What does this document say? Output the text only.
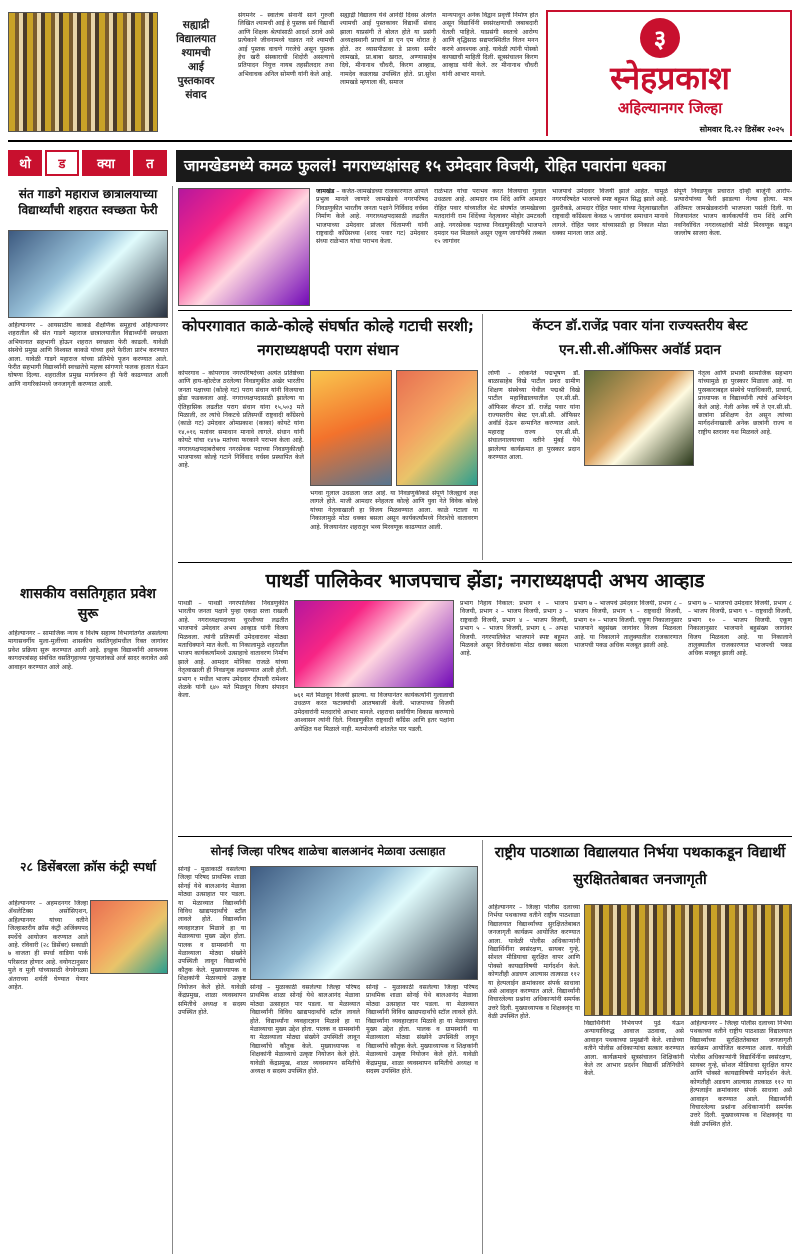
सह्याद्री
विद्यालयात
श्यामची
आई
पुस्तकावर
संवाद
संगमनेर – स्वातंत्र्य सेनानी साने गुरुजी लिखित श्यामची आई हे पुस्तक सर्व विद्यार्थी आणि शिक्षक श्रेत्यांसाठी आदर्श ठरावे असे प्रत्येकाने जीवनामध्ये घडवत नारे श्यामची आई पुस्तक वाचणे गरजेचे असून पुस्तक हेच खरी संस्काराची शिदोरी असल्याचे प्रतिपादन नियुत्त नायब तहसीलदार तथा अभिवाचक अनिल सोमणी यांनी केले आहे.
सह्याद्री विद्यालय येथे आनंदी दिवस अंतर्गत श्यामची आई पुस्तकावर विद्यार्थी संवाद झाला याप्रसंगी ते बोलत होते या प्रसंगी अध्यक्षस्थानी प्राचार्य डा एन एम थोरात हे होते. तर व्यासपीठावर डे प्राध्या समीर लामखडे, प्रा.बाबा खरात, अण्णासाहेब दिघे, मीनानाथ चौधरी, किरण आव्हाड, नामदेव कडलाख उपस्थित होते. प्रा.सुरेश लामखडे म्हणाला की, समाज
मान्यपाधून अनेक विद्वान प्रवृत्ती निर्माण होत असून विद्यार्थिनी स्वसंरक्षणाची जबाबदारी घेतली पाहिजे. याप्रसंगी स्वतःचे आरोग्य आणि वृद्धिसाठ सद्यपरस्थितीत वितन मनन करणे आवश्यक आहे. यावेळी त्यांनी पोस्को कायद्याची माहिती दिली. सूत्रसंचालन किरण आव्हाड यांनी केले. तर मीनानाथ चौधरी यांनी आभार मानले.
३
स्नेहप्रकाश
अहिल्यानगर जिल्हा
सोमवार दि.२२ डिसेंबर २०२५
थो ड क्या त	जामखेडमध्ये कमळ फुललं! नगराध्यक्षांसह १५ उमेदवार विजयी, रोहित पवारांना धक्का
संत गाडगे महाराज छात्रालयाच्या विद्यार्थ्यांची शहरात स्वच्छता फेरी
अहिल्यानगर – आयसाठीय काकडे शैक्षणिक समूहाचे अहिल्यानगर शहरातील श्री संत गाडगे महाराज छात्रालयातील विद्यार्थ्यांनी स्वच्छता अभियानात सहभागी होऊन शहरात स्वच्छता फेरी काढली. यावेळी संस्थेचे प्रमुख आणि विश्वस्त काकडे यांच्या हस्ते फेरीला प्रारंभ करण्यात आला. यावेळी गाडगे महाराज यांच्या प्रतिमेचे पूजन करण्यात आले. फेरीत सहभागी विद्यार्थ्यांनी स्वच्छतेचे महत्त्व सांगणारे फलक हातात घेऊन घोषणा दिल्या. शहरातील प्रमुख मार्गावरून ही फेरी काढण्यात आली आणि नागरिकांमध्ये जनजागृती करण्यात आली.
शासकीय वसतिगृहात प्रवेश सुरू
अहिल्यानगर – सामाजिक न्याय व विशेष सहाय्य विभागांतर्गत असलेल्या मागासवर्गीय मुला-मुलींच्या शासकीय वसतिगृहांमधील रिक्त जागांवर प्रवेश प्रक्रिया सुरू करण्यात आली आहे. इच्छुक विद्यार्थ्यांनी आवश्यक कागदपत्रांसह संबंधित वसतिगृहाच्या गृहपालांकडे अर्ज सादर करावेत असे आवाहन करण्यात आले आहे.
२८ डिसेंबरला क्रॉस कंट्री स्पर्धा
अहिल्यानगर – अहमदनगर जिल्हा ॲथलेटिक्स असोसिएशन, अहिल्यानगर यांच्या वतीने जिल्हास्तरीय क्रॉस कंट्री अजिंक्यपद स्पर्धेचे आयोजन करण्यात आले आहे. रविवारी (२८ डिसेंबर) सकाळी ७ वाजता ही स्पर्धा वाडिया पार्क परिसरात होणार आहे. वयोगटानुसार मुले व मुली यांच्यासाठी वेगवेगळ्या अंतराच्या शर्यती घेण्यात येणार आहेत.
जामखेड – कर्जत-जामखेडच्या राजकारणात आपले प्रभुत्व मानले जाणारे जामखेडचे नगरपरिषद निवडणुकीत भारतीय जनता पक्षाने निर्विवाद वर्चस्व निर्माण केले आहे. नगराध्यक्षपदासाठी लढतीत भाजपाच्या उमेदवार प्रांजल चिंतामणी यांनी राष्ट्रवादी काँग्रेसच्या (शरद पवार गट) उमेदवार संध्या राळेभात यांचा पराभव केला.
राळेभात यांचा पराभव करत विजयाचा गुलाल उधळला आहे. आमदार राम शिंदे आणि आमदार रोहित पवार यांच्यातील थेट संघर्षात जामखेडच्या मतदारांनी राम शिंदेंच्या नेतृत्वावर मोहोर उमटवली आहे. नगरसेवक पदाच्या निवडणुकीतही भाजपाने दमदार यश मिळवले असून एकूण जागांपैकी तब्बल १५ जागांवर
भाजपाचे उमेदवार विजयी झाले आहेत. यामुळे नगरपरिषदेत भाजपचे स्पष्ट बहुमत सिद्ध झाले आहे. दुसरीकडे, आमदार रोहित पवार यांच्या नेतृत्वाखालील राष्ट्रवादी काँग्रेसला केवळ ५ जागांवर समाधान मानावे लागले. रोहित पवार यांच्यासाठी हा निकाल मोठा धक्का मानला जात आहे.
संपूर्ण निवडणूक प्रचारात दोन्ही बाजूंनी आरोप-प्रत्यारोपांच्या फैरी झाडल्या गेल्या होत्या. मात्र अंतिमतः जामखेडकरांनी भाजपला पसंती दिली. या विजयानंतर भाजप कार्यकर्त्यांनी राम शिंदे आणि नवनिर्वाचित नगराध्यक्षांची मोठी मिरवणूक काढून जल्लोष साजरा केला.
कोपरगावात काळे-कोल्हे संघर्षात कोल्हे गटाची सरशी; नगराध्यक्षपदी पराग संधान
कोपरगाव – कोपरगाव नगरपरिषदेच्या अत्यंत प्रतिष्ठेच्या आणि हाय-व्होल्टेज ठरलेल्या निवडणुकीत अखेर भारतीय जनता पक्षाच्या (कोल्हे गट) पराग संधान यांनी विजयाचा झेंडा फडकवला आहे. नगराध्यक्षपदासाठी झालेल्या या ऐतिहासिक लढतीत पराग संधान यांना १५,५०३ मते मिळाली, तर त्यांचे निकटचे प्रतिस्पर्धी राष्ट्रवादी काँग्रेसचे (काळे गट) उमेदवार ओमप्रकाश (काका) कोयटे यांना १४,०१६ मतांवर समाधान मानावे लागले. संधान यांनी कोयटे यांचा १४९७ मतांच्या फरकाने पराभव केला आहे. नगराध्यक्षपदाबरोबरच नगरसेवक पदाच्या निवडणुकीतही भाजपाच्या कोल्हे गटाने निर्विवाद वर्चस्व प्रस्थापित केले आहे.
भगवा गुलाल उधळला जात आहे. या निवडणुकीकडे संपूर्ण जिल्ह्याचे लक्ष लागले होते. माजी आमदार स्नेहलता कोल्हे आणि युवा नेते विवेक कोल्हे यांच्या नेतृत्वाखाली हा विजय मिळवण्यात आला. काळे गटाला या निकालामुळे मोठा धक्का बसला असून कार्यकर्त्यांमध्ये निराशेचे वातावरण आहे. विजयानंतर शहरातून भव्य मिरवणूक काढण्यात आली.
कॅप्टन डॉ.राजेंद्र पवार यांना राज्यस्तरीय बेस्ट एन.सी.सी.ऑफिसर अवॉर्ड प्रदान
लोणी – लोकनेते पद्मभूषण डॉ. बाळासाहेब विखे पाटील प्रवरा ग्रामीण शिक्षण संस्थेच्या येथील पद्मश्री विखे पाटील महाविद्यालयातील एन.सी.सी. ऑफिसर कॅप्टन डॉ. राजेंद्र पवार यांना राज्यस्तरीय बेस्ट एन.सी.सी. ऑफिसर अवॉर्ड देऊन सन्मानित करण्यात आले. महाराष्ट्र राज्य एन.सी.सी. संचालनालयाच्या वतीने मुंबई येथे झालेल्या कार्यक्रमात हा पुरस्कार प्रदान करण्यात आला.
नेतृत्व आणि प्रभावी सामाजिक सहभाग यांच्यामुळे हा पुरस्कार मिळाला आहे. या पुरस्काराबद्दल संस्थेचे पदाधिकारी, प्राचार्य, प्राध्यापक व विद्यार्थ्यांनी त्यांचे अभिनंदन केले आहे. गेली अनेक वर्षे ते एन.सी.सी. छात्रांना प्रशिक्षण देत असून त्यांच्या मार्गदर्शनाखाली अनेक छात्रांनी राज्य व राष्ट्रीय स्तरावर यश मिळवले आहे.
पाथर्डी पालिकेवर भाजपचाच झेंडा; नगराध्यक्षपदी अभय आव्हाड
पाथर्डी – पाथर्डी नगरपालिका निवडणुकीत भारतीय जनता पक्षाने पुन्हा एकदा सत्ता राखली आहे. नगराध्यक्षपदाच्या चुरशीच्या लढतीत भाजपाचे उमेदवार अभय आव्हाड यांनी विजय मिळवला. त्यांनी प्रतिस्पर्धी उमेदवारावर मोठ्या मताधिक्याने मात केली. या निकालामुळे शहरातील भाजप कार्यकर्त्यांमध्ये उत्साहाचे वातावरण निर्माण झाले आहे. आमदार मोनिका राजळे यांच्या नेतृत्वाखाली ही निवडणूक लढवण्यात आली होती. प्रभाग १ मधील भाजप उमेदवार दीपाली रामेश्वर शेळके यांनी ६४० मते मिळवून विजय संपादन केला.	७६१ मते मिळवून विजयी झाल्या. या विजयानंतर कार्यकर्त्यांनी गुलालाची उधळण करत फटाक्यांची आतषबाजी केली. भाजपाच्या विजयी उमेदवारांनी मतदारांचे आभार मानले. शहराचा सर्वांगीण विकास करण्याचे आश्वासन त्यांनी दिले. निवडणुकीत राष्ट्रवादी काँग्रेस आणि इतर पक्षांना अपेक्षित यश मिळाले नाही. मतमोजणी शांततेत पार पडली.
प्रभाग निहाय निकाल: प्रभाग १ – भाजप विजयी, प्रभाग २ – भाजप विजयी, प्रभाग ३ – राष्ट्रवादी विजयी, प्रभाग ४ – भाजप विजयी, प्रभाग ५ – भाजप विजयी, प्रभाग ६ – अपक्ष विजयी. नगरपालिकेत भाजपाने स्पष्ट बहुमत मिळवले असून विरोधकांना मोठा धक्का बसला आहे.
प्रभाग ७ – भाजपचे उमेदवार विजयी, प्रभाग ८ – भाजप विजयी, प्रभाग ९ – राष्ट्रवादी विजयी, प्रभाग १० – भाजप विजयी. एकूण निकालानुसार भाजपाने बहुसंख्य जागांवर विजय मिळवला आहे. या निकालाने तालुक्यातील राजकारणात भाजपची पकड अधिक मजबूत झाली आहे.
प्रभाग ७ – भाजपचे उमेदवार विजयी, प्रभाग ८ – भाजप विजयी, प्रभाग ९ – राष्ट्रवादी विजयी, प्रभाग १० – भाजप विजयी. एकूण निकालानुसार भाजपाने बहुसंख्य जागांवर विजय मिळवला आहे. या निकालाने तालुक्यातील राजकारणात भाजपची पकड अधिक मजबूत झाली आहे.
सोनई जिल्हा परिषद शाळेचा बालआनंद मेळावा उत्साहात
सोनई – मुळाकाठी वसलेल्या जिल्हा परिषद प्राथमिक शाळा सोनई येथे बालआनंद मेळावा मोठ्या उत्साहात पार पडला. या मेळाव्यात विद्यार्थ्यांनी विविध खाद्यपदार्थांचे स्टॉल लावले होते. विद्यार्थ्यांना व्यवहारज्ञान मिळावे हा या मेळाव्याचा मुख्य उद्देश होता. पालक व ग्रामस्थांनी या मेळाव्याला मोठ्या संख्येने उपस्थिती लावून विद्यार्थ्यांचे कौतुक केले. मुख्याध्यापक व शिक्षकांनी मेळाव्याचे उत्कृष्ट नियोजन केले होते. यावेळी केंद्रप्रमुख, शाळा व्यवस्थापन समितीचे अध्यक्ष व सदस्य उपस्थित होते.
सोनई – मुळाकाठी वसलेल्या जिल्हा परिषद प्राथमिक शाळा सोनई येथे बालआनंद मेळावा मोठ्या उत्साहात पार पडला. या मेळाव्यात विद्यार्थ्यांनी विविध खाद्यपदार्थांचे स्टॉल लावले होते. विद्यार्थ्यांना व्यवहारज्ञान मिळावे हा या मेळाव्याचा मुख्य उद्देश होता. पालक व ग्रामस्थांनी या मेळाव्याला मोठ्या संख्येने उपस्थिती लावून विद्यार्थ्यांचे कौतुक केले. मुख्याध्यापक व शिक्षकांनी मेळाव्याचे उत्कृष्ट नियोजन केले होते. यावेळी केंद्रप्रमुख, शाळा व्यवस्थापन समितीचे अध्यक्ष व सदस्य उपस्थित होते.
सोनई – मुळाकाठी वसलेल्या जिल्हा परिषद प्राथमिक शाळा सोनई येथे बालआनंद मेळावा मोठ्या उत्साहात पार पडला. या मेळाव्यात विद्यार्थ्यांनी विविध खाद्यपदार्थांचे स्टॉल लावले होते. विद्यार्थ्यांना व्यवहारज्ञान मिळावे हा या मेळाव्याचा मुख्य उद्देश होता. पालक व ग्रामस्थांनी या मेळाव्याला मोठ्या संख्येने उपस्थिती लावून विद्यार्थ्यांचे कौतुक केले. मुख्याध्यापक व शिक्षकांनी मेळाव्याचे उत्कृष्ट नियोजन केले होते. यावेळी केंद्रप्रमुख, शाळा व्यवस्थापन समितीचे अध्यक्ष व सदस्य उपस्थित होते.
राष्ट्रीय पाठशाळा विद्यालयात निर्भया पथकाकडून विद्यार्थी सुरक्षिततेबाबत जनजागृती
अहिल्यानगर – जिल्हा पोलीस दलाच्या निर्भया पथकाच्या वतीने राष्ट्रीय पाठशाळा विद्यालयात विद्यार्थ्यांच्या सुरक्षिततेबाबत जनजागृती कार्यक्रम आयोजित करण्यात आला. यावेळी पोलीस अधिकाऱ्यांनी विद्यार्थिनींना स्वसंरक्षण, सायबर गुन्हे, सोशल मीडियाचा सुरक्षित वापर आणि पोक्सो कायद्याविषयी मार्गदर्शन केले. कोणतीही अडचण आल्यास तात्काळ ११२ या हेल्पलाईन क्रमांकावर संपर्क साधावा असे आवाहन करण्यात आले. विद्यार्थ्यांनी विचारलेल्या प्रश्नांना अधिकाऱ्यांनी समर्पक उत्तरे दिली. मुख्याध्यापक व शिक्षकवृंद या वेळी उपस्थित होते.
विद्यार्थिनींनी निर्भयपणे पुढे येऊन अन्यायाविरुद्ध आवाज उठवावा, असे आवाहन पथकाच्या प्रमुखांनी केले. शाळेच्या वतीने पोलीस अधिकाऱ्यांचा सत्कार करण्यात आला. कार्यक्रमाचे सूत्रसंचालन शिक्षिकांनी केले तर आभार प्रदर्शन विद्यार्थी प्रतिनिधीने केले.
अहिल्यानगर – जिल्हा पोलीस दलाच्या निर्भया पथकाच्या वतीने राष्ट्रीय पाठशाळा विद्यालयात विद्यार्थ्यांच्या सुरक्षिततेबाबत जनजागृती कार्यक्रम आयोजित करण्यात आला. यावेळी पोलीस अधिकाऱ्यांनी विद्यार्थिनींना स्वसंरक्षण, सायबर गुन्हे, सोशल मीडियाचा सुरक्षित वापर आणि पोक्सो कायद्याविषयी मार्गदर्शन केले. कोणतीही अडचण आल्यास तात्काळ ११२ या हेल्पलाईन क्रमांकावर संपर्क साधावा असे आवाहन करण्यात आले. विद्यार्थ्यांनी विचारलेल्या प्रश्नांना अधिकाऱ्यांनी समर्पक उत्तरे दिली. मुख्याध्यापक व शिक्षकवृंद या वेळी उपस्थित होते.
